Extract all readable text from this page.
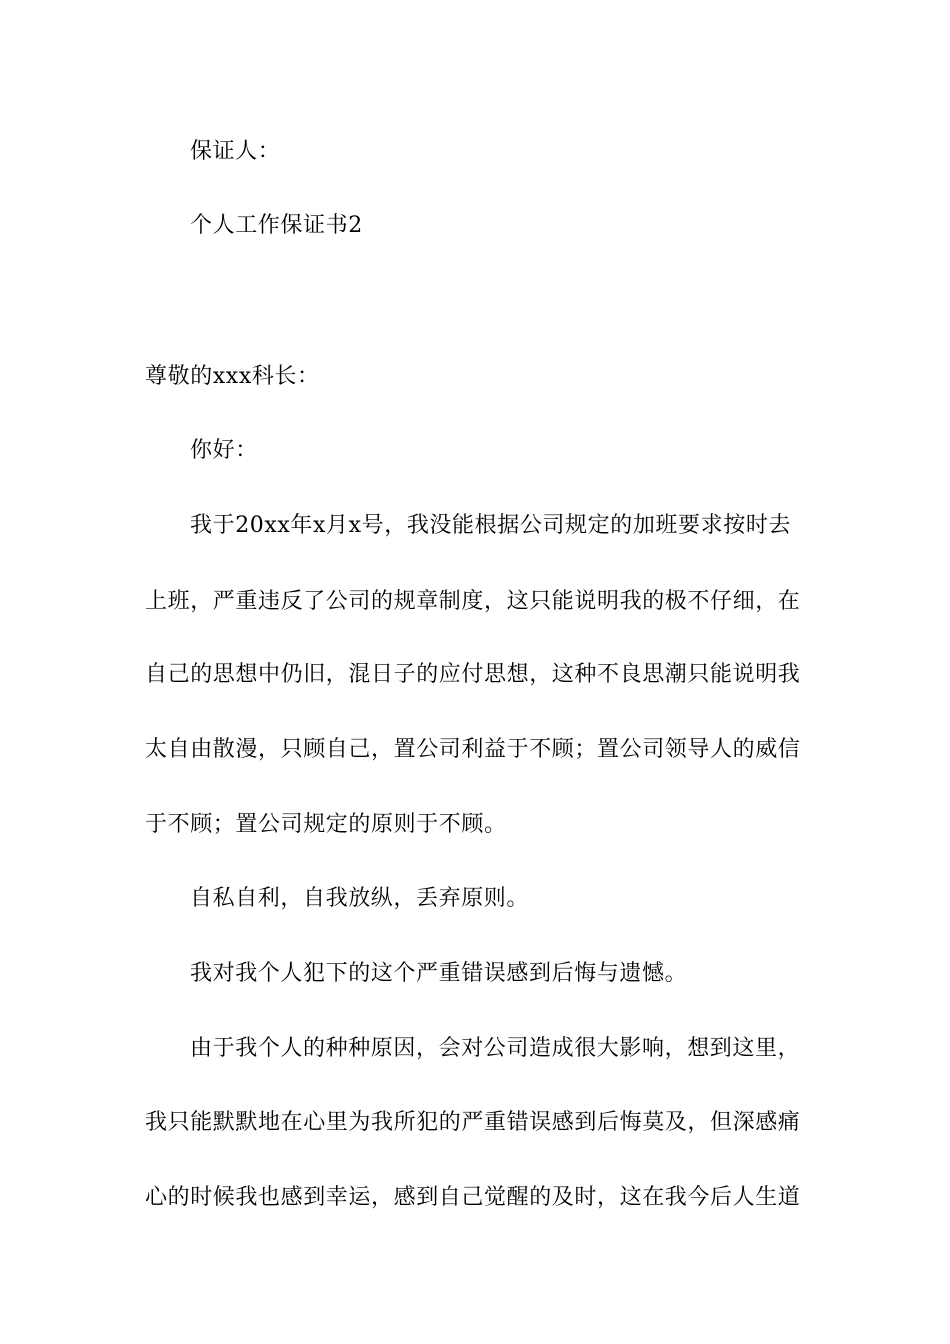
保证人：

个人工作保证书2

尊敬的xxx科长：

你好：

我于20xx年x月x号，我没能根据公司规定的加班要求按时去

上班，严重违反了公司的规章制度，这只能说明我的极不仔细，在

自己的思想中仍旧，混日子的应付思想，这种不良思潮只能说明我

太自由散漫，只顾自己，置公司利益于不顾；置公司领导人的威信

于不顾；置公司规定的原则于不顾。

自私自利，自我放纵，丢弃原则。

我对我个人犯下的这个严重错误感到后悔与遗憾。

由于我个人的种种原因，会对公司造成很大影响，想到这里，

我只能默默地在心里为我所犯的严重错误感到后悔莫及，但深感痛

心的时候我也感到幸运，感到自己觉醒的及时，这在我今后人生道
